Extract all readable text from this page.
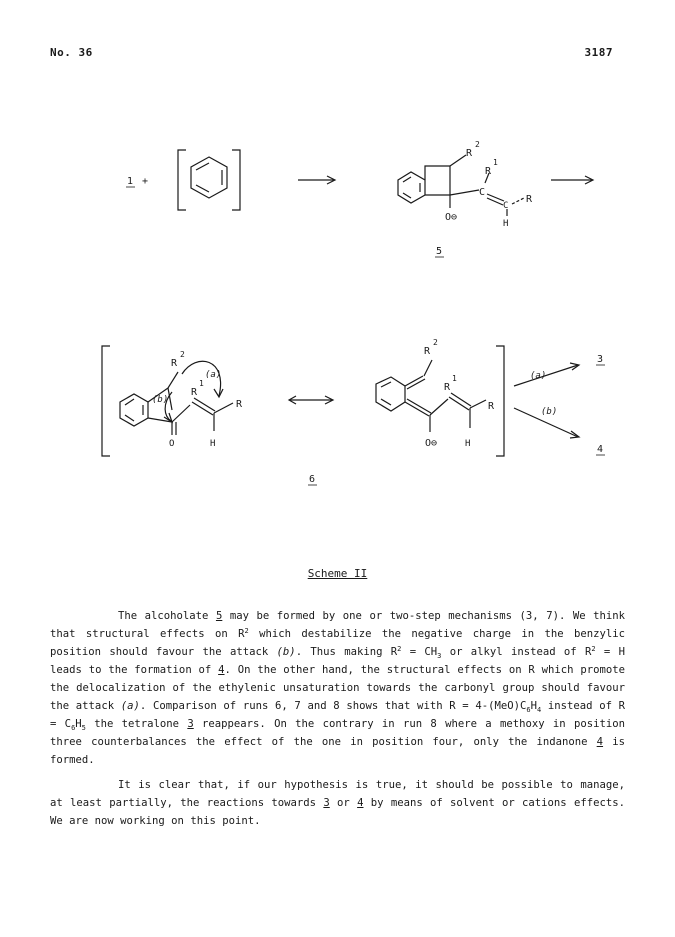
No. 36	3187
1 +
R
2
R
1
C
C
R
H
O⊖
5
R
2
R
1
(a)
(b)	R
O	H
R
2
R
1
R
O⊖	H
6
(a)
(b)
3
4
Scheme II
The alcoholate 5 may be formed by one or two-step mechanisms (3, 7). We think that structural effects on $R^2$ which destabilize the negative charge in the benzylic position should favour the attack (b). Thus making $R^2 = CH_3$ or alkyl instead of $R^2 = H$ leads to the formation of 4. On the other hand, the structural effects on R which promote the delocalization of the ethylenic unsaturation towards the carbonyl group should favour the attack (a). Comparison of runs 6, 7 and 8 shows that with $R = 4-(MeO)C_6H_4$ instead of $R = C_6H_5$ the tetralone 3 reappears. On the contrary in run 8 where a methoxy in position three counterbalances the effect of the one in position four, only the indanone 4 is formed.
It is clear that, if our hypothesis is true, it should be possible to manage, at least partially, the reactions towards 3 or 4 by means of solvent or cations effects. We are now working on this point.
